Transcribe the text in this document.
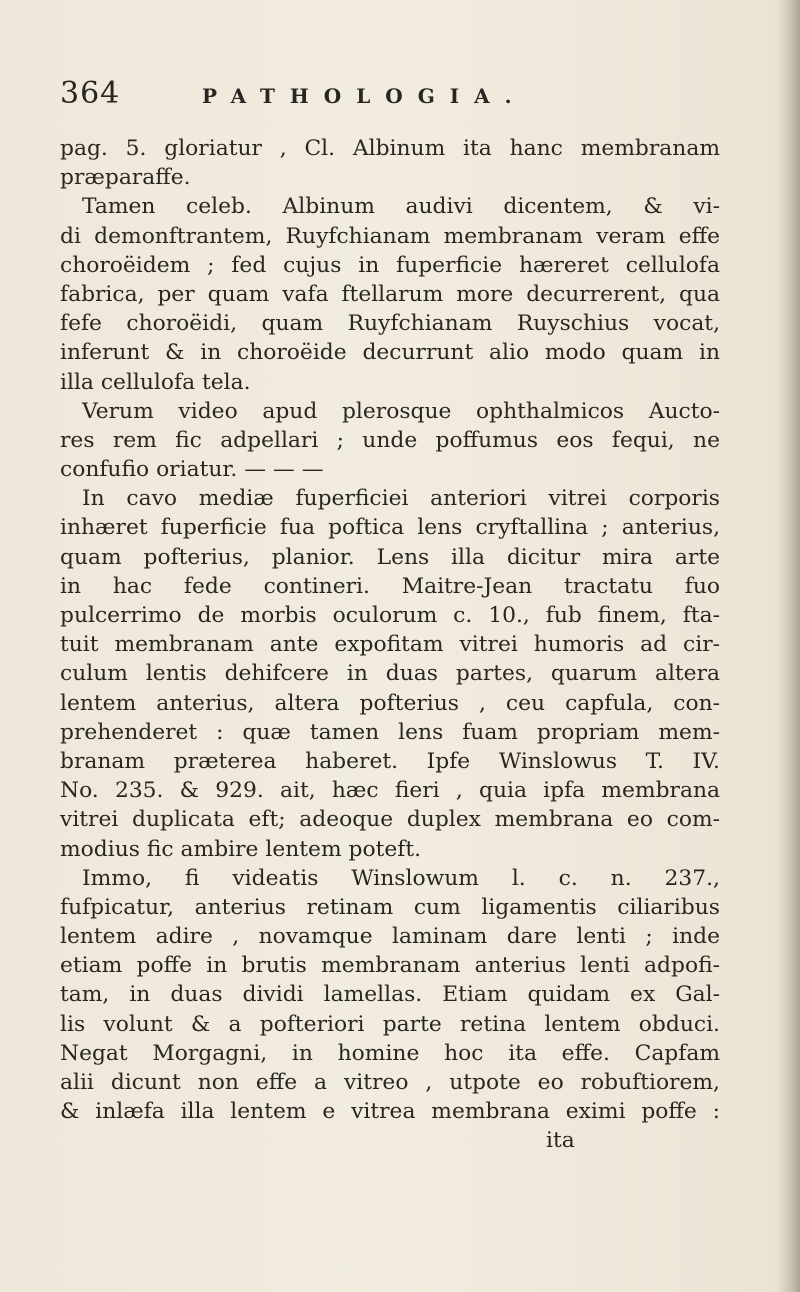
364	PATHOLOGIA.
pag. 5. gloriatur , Cl. Albinum ita hanc membranam
præparaffe.
Tamen celeb. Albinum audivi dicentem, & vi-
di demonftrantem, Ruyfchianam membranam veram effe
choroëidem ; fed cujus in fuperficie hæreret cellulofa
fabrica, per quam vafa ftellarum more decurrerent, qua
fefe choroëidi, quam Ruyfchianam Ruyschius vocat,
inferunt & in choroëide decurrunt alio modo quam in
illa cellulofa tela.
Verum video apud plerosque ophthalmicos Aucto-
res rem fic adpellari ; unde poffumus eos fequi, ne
confufio oriatur. — — —
In cavo mediæ fuperficiei anteriori vitrei corporis
inhæret fuperficie fua poftica lens cryftallina ; anterius,
quam pofterius, planior. Lens illa dicitur mira arte
in hac fede contineri. Maitre-Jean tractatu fuo
pulcerrimo de morbis oculorum c. 10., fub finem, fta-
tuit membranam ante expofitam vitrei humoris ad cir-
culum lentis dehifcere in duas partes, quarum altera
lentem anterius, altera pofterius , ceu capfula, con-
prehenderet : quæ tamen lens fuam propriam mem-
branam præterea haberet. Ipfe Winslowus T. IV.
No. 235. & 929. ait, hæc fieri , quia ipfa membrana
vitrei duplicata eft; adeoque duplex membrana eo com-
modius fic ambire lentem poteft.
Immo, fi videatis Winslowum l. c. n. 237.,
fufpicatur, anterius retinam cum ligamentis ciliaribus
lentem adire , novamque laminam dare lenti ; inde
etiam poffe in brutis membranam anterius lenti adpofi-
tam, in duas dividi lamellas. Etiam quidam ex Gal-
lis volunt & a pofteriori parte retina lentem obduci.
Negat Morgagni, in homine hoc ita effe. Capfam
alii dicunt non effe a vitreo , utpote eo robuftiorem,
& inlæfa illa lentem e vitrea membrana eximi poffe :
ita
